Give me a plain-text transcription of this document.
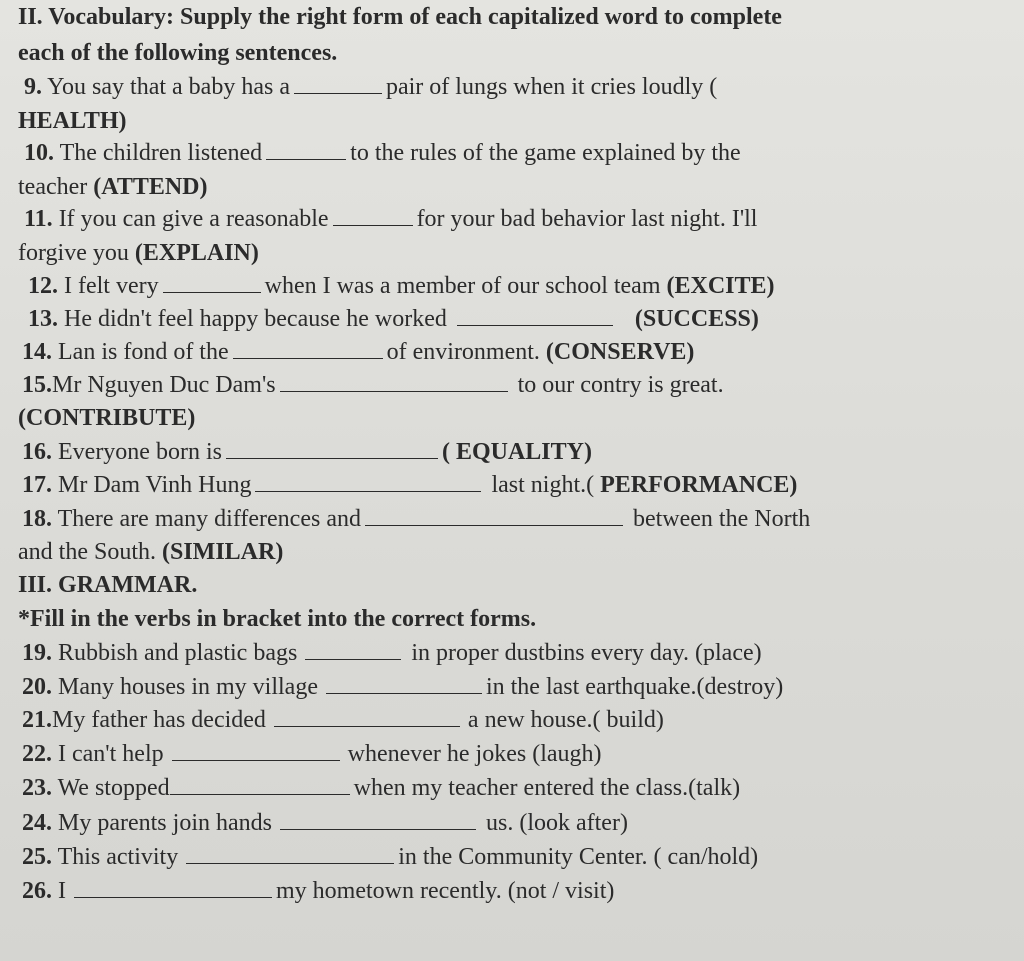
II. Vocabulary: Supply the right form of each capitalized word to complete
each of the following sentences.
9. You say that a baby has a	pair of lungs when it cries loudly (
HEALTH)
10. The children listened	to the rules of the game explained by the
teacher (ATTEND)
11. If you can give a reasonable	for your bad behavior last night. I'll
forgive you (EXPLAIN)
12. I felt very	when I was a member of our school team (EXCITE)
13. He didn't feel happy because he worked	(SUCCESS)
14. Lan is fond of the	of environment. (CONSERVE)
15.Mr Nguyen Duc Dam's	to our contry is great.
(CONTRIBUTE)
16. Everyone born is	( EQUALITY)
17. Mr Dam Vinh Hung	last night.( PERFORMANCE)
18. There are many differences and	between the North
and the South. (SIMILAR)
III. GRAMMAR.
*Fill in the verbs in bracket into the correct forms.
19. Rubbish and plastic bags	in proper dustbins every day. (place)
20. Many houses in my village	in the last earthquake.(destroy)
21.My father has decided	a new house.( build)
22. I can't help	whenever he jokes (laugh)
23. We stopped	when my teacher entered the class.(talk)
24. My parents join hands	us. (look after)
25. This activity	in the Community Center. ( can/hold)
26. I	my hometown recently. (not / visit)
